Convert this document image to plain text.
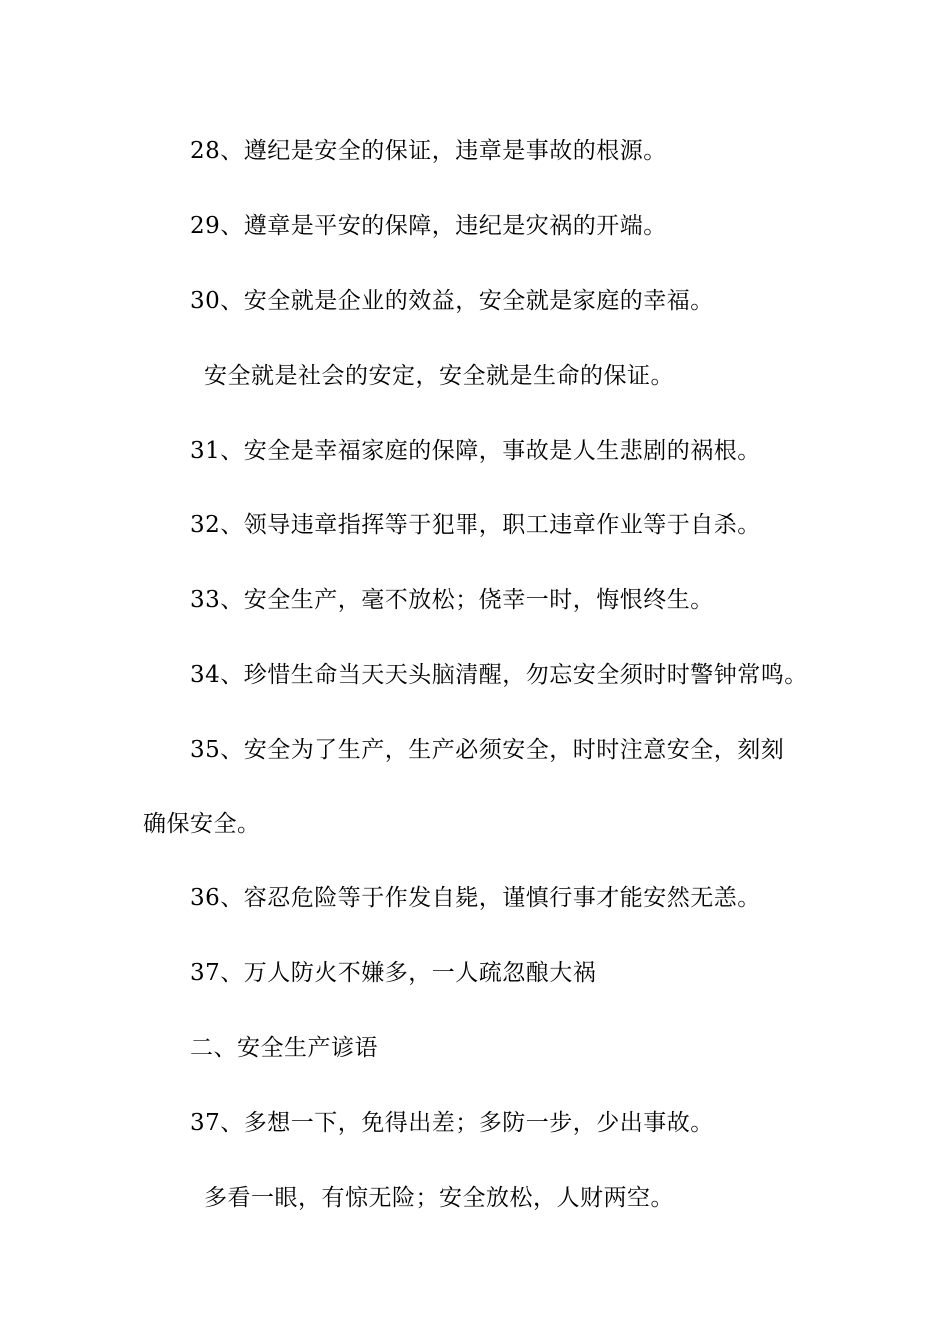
28、遵纪是安全的保证，违章是事故的根源。
29、遵章是平安的保障，违纪是灾祸的开端。
30、安全就是企业的效益，安全就是家庭的幸福。
安全就是社会的安定，安全就是生命的保证。
31、安全是幸福家庭的保障，事故是人生悲剧的祸根。
32、领导违章指挥等于犯罪，职工违章作业等于自杀。
33、安全生产，毫不放松；侥幸一时，悔恨终生。
34、珍惜生命当天天头脑清醒，勿忘安全须时时警钟常鸣。
35、安全为了生产，生产必须安全，时时注意安全，刻刻
确保安全。
36、容忍危险等于作发自毙，谨慎行事才能安然无恙。
37、万人防火不嫌多，一人疏忽酿大祸
二、安全生产谚语
37、多想一下，免得出差；多防一步，少出事故。
多看一眼，有惊无险；安全放松，人财两空。
